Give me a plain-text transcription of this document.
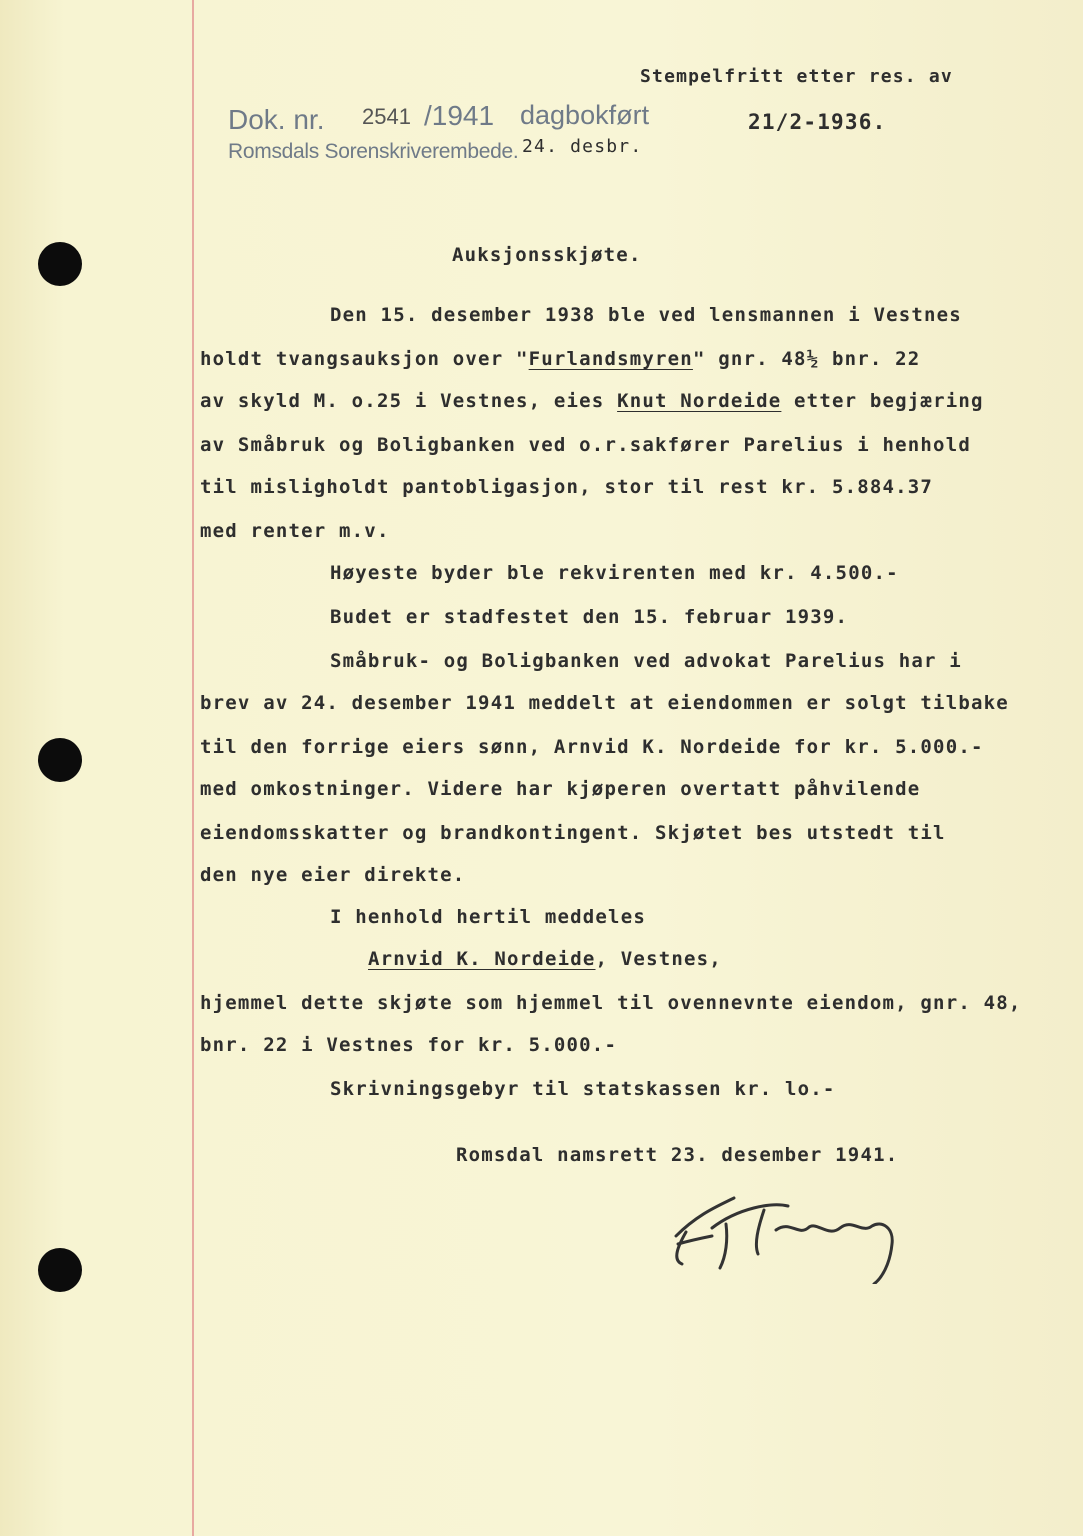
Stempelfritt etter res. av
21/2-1936.
Dok. nr. 2541 /1941 dagbokført
Romsdals Sorenskriverembede. 24. desbr.
Auksjonsskjøte.
Den 15. desember 1938 ble ved lensmannen i Vestnes
holdt tvangsauksjon over "Furlandsmyren" gnr. 48½ bnr. 22
av skyld M. o.25 i Vestnes, eies Knut Nordeide etter begjæring
av Småbruk og Boligbanken ved o.r.sakfører Parelius i henhold
til misligholdt pantobligasjon, stor til rest kr. 5.884.37
med renter m.v.
Høyeste byder ble rekvirenten med kr. 4.500.-
Budet er stadfestet den 15. februar 1939.
Småbruk- og Boligbanken ved advokat Parelius har i
brev av 24. desember 1941 meddelt at eiendommen er solgt tilbake
til den forrige eiers sønn, Arnvid K. Nordeide for kr. 5.000.-
med omkostninger. Videre har kjøperen overtatt påhvilende
eiendomsskatter og brandkontingent. Skjøtet bes utstedt til
den nye eier direkte.
I henhold hertil meddeles
Arnvid K. Nordeide, Vestnes,
hjemmel dette skjøte som hjemmel til ovennevnte eiendom, gnr. 48,
bnr. 22 i Vestnes for kr. 5.000.-
Skrivningsgebyr til statskassen kr. lo.-
Romsdal namsrett 23. desember 1941.
